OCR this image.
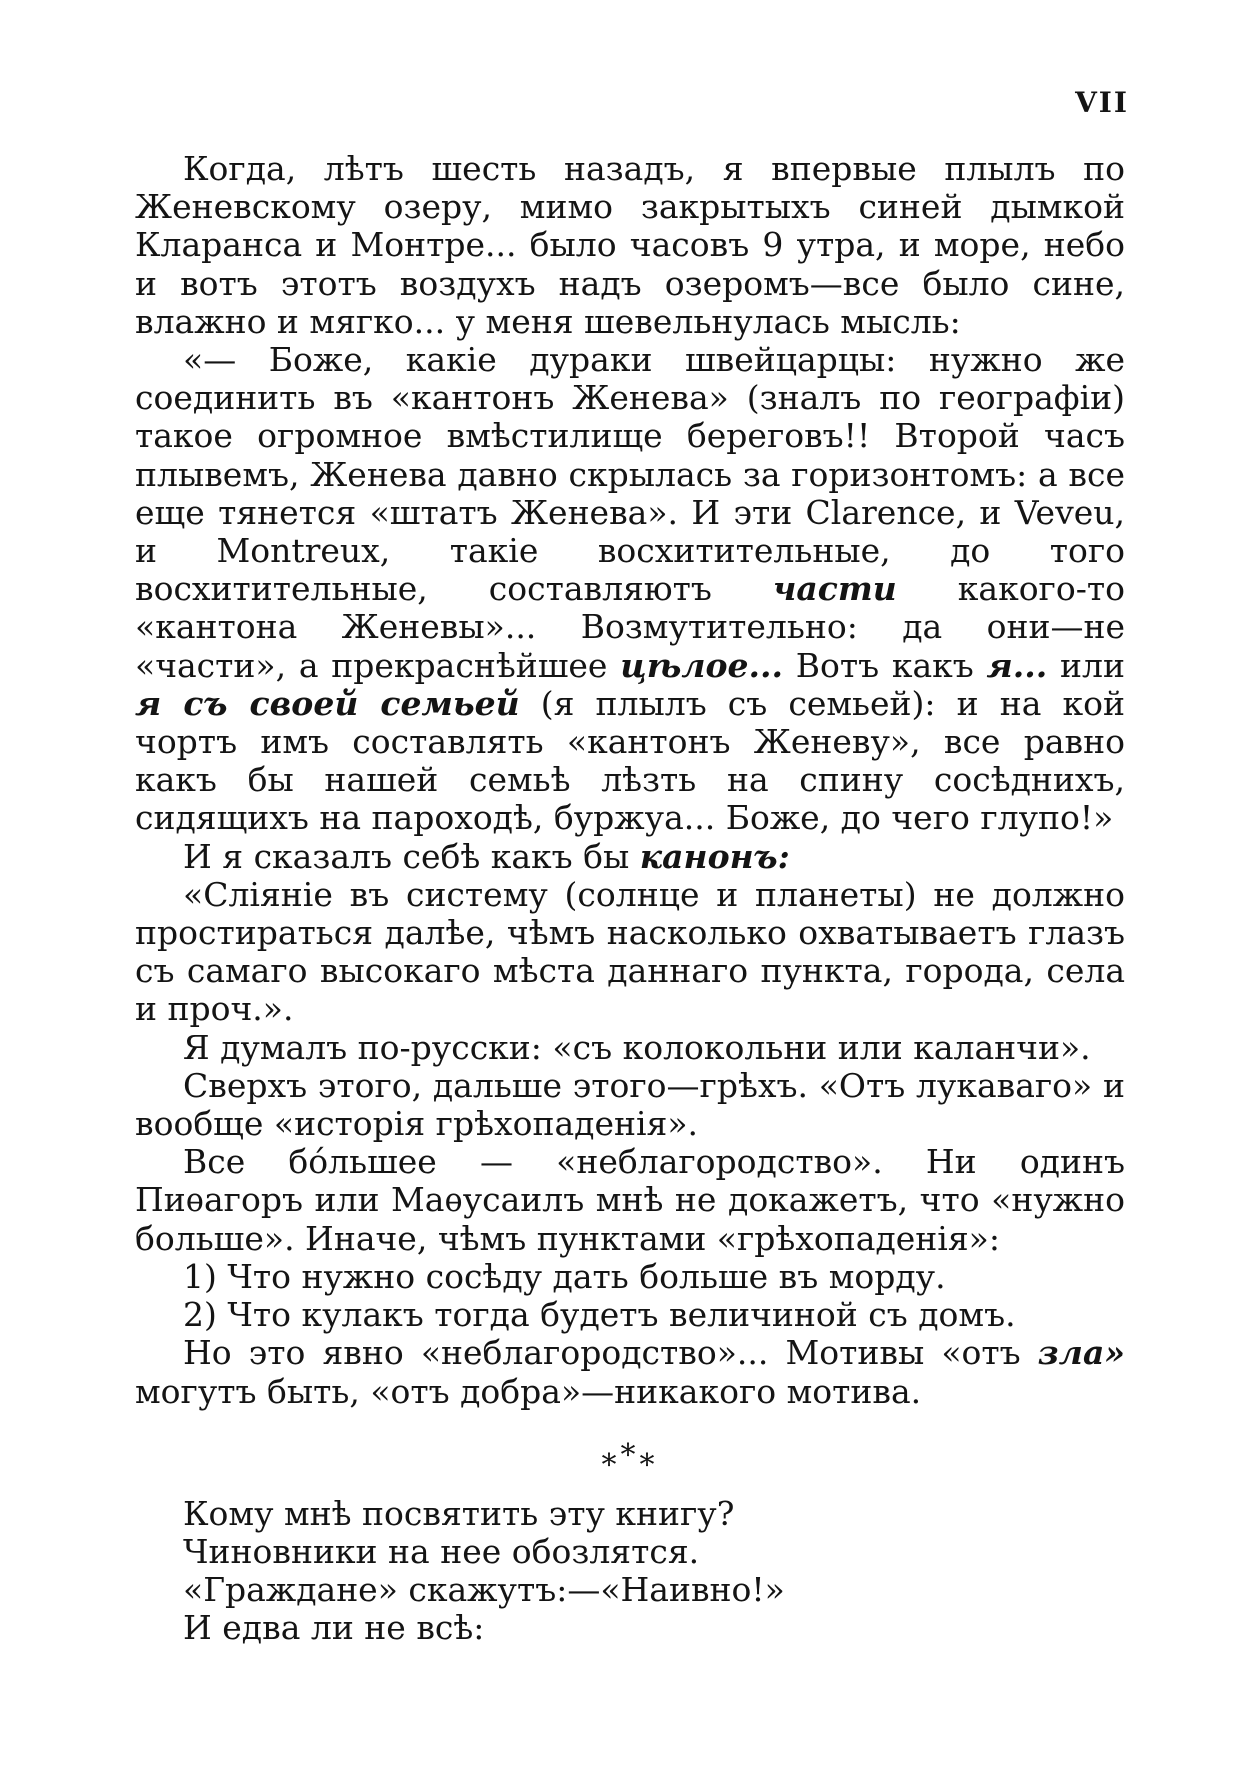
VII

Когда, лѣтъ шесть назадъ, я впервые плылъ по Женевскому озеру, мимо закрытыхъ синей дымкой Кларанса и Монтре... было часовъ 9 утра, и море, небо и вотъ этотъ воздухъ надъ озеромъ—все было сине, влажно и мягко... у меня шевельнулась мысль:

«— Боже, какіе дураки швейцарцы: нужно же соединить въ «кантонъ Женева» (зналъ по географіи) такое огромное вмѣстилище береговъ!! Второй часъ плывемъ, Женева давно скрылась за горизонтомъ: а все еще тянется «штатъ Женева». И эти Clarence, и Veveu, и Montreux, такіе восхитительные, до того восхитительные, составляютъ части какого-то «кантона Женевы»... Возмутительно: да они—не «части», а прекраснѣйшее цѣлое... Вотъ какъ я... или я съ своей семьей (я плылъ съ семьей): и на кой чортъ имъ составлять «кантонъ Женеву», все равно какъ бы нашей семьѣ лѣзть на спину сосѣднихъ, сидящихъ на пароходѣ, буржуа... Боже, до чего глупо!»

И я сказалъ себѣ какъ бы канонъ:

«Сліяніе въ систему (солнце и планеты) не должно простираться далѣе, чѣмъ насколько охватываетъ глазъ съ самаго высокаго мѣста даннаго пункта, города, села и проч.».

Я думалъ по-русски: «съ колокольни или каланчи».

Сверхъ этого, дальше этого—грѣхъ. «Отъ лукаваго» и вообще «исторія грѣхопаденія».

Все бóльшее — «неблагородство». Ни одинъ Пиѳагоръ или Маѳусаилъ мнѣ не докажетъ, что «нужно больше». Иначе, чѣмъ пунктами «грѣхопаденія»:

1) Что нужно сосѣду дать больше въ морду.

2) Что кулакъ тогда будетъ величиной съ домъ.

Но это явно «неблагородство»... Мотивы «отъ зла» могутъ быть, «отъ добра»—никакого мотива.

***
Кому мнѣ посвятить эту книгу?
Чиновники на нее обозлятся.
«Граждане» скажутъ:—«Наивно!»
И едва ли не всѣ:
